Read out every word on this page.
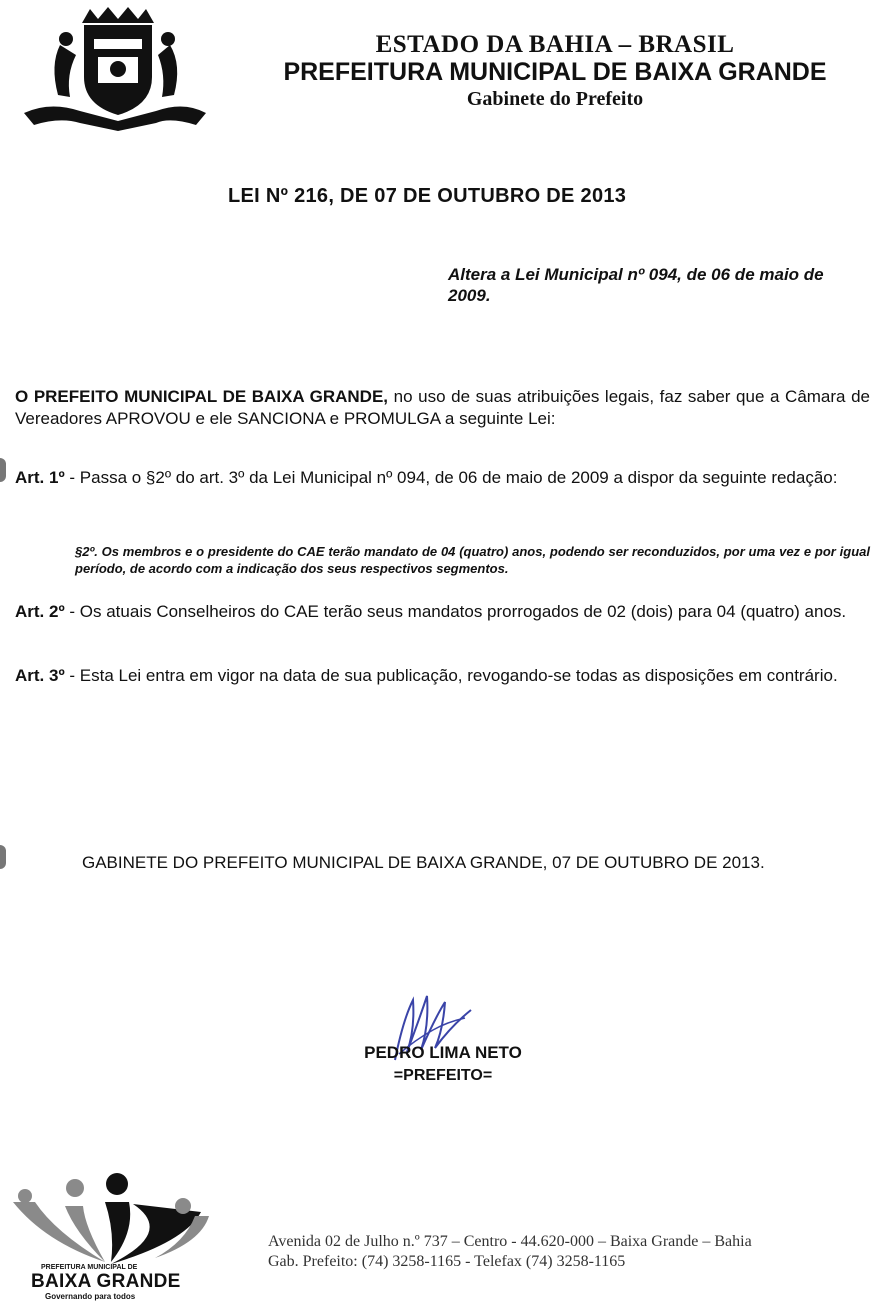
ESTADO DA BAHIA – BRASIL
PREFEITURA MUNICIPAL DE BAIXA GRANDE
Gabinete do Prefeito
LEI Nº 216, DE 07 DE OUTUBRO DE 2013
Altera a Lei Municipal nº 094, de 06 de maio de 2009.
O PREFEITO MUNICIPAL DE BAIXA GRANDE, no uso de suas atribuições legais, faz saber que a Câmara de Vereadores APROVOU e ele SANCIONA e PROMULGA a seguinte Lei:
Art. 1º - Passa o §2º do art. 3º da Lei Municipal nº 094, de 06 de maio de 2009 a dispor da seguinte redação:
§2º. Os membros e o presidente do CAE terão mandato de 04 (quatro) anos, podendo ser reconduzidos, por uma vez e por igual período, de acordo com a indicação dos seus respectivos segmentos.
Art. 2º - Os atuais Conselheiros do CAE terão seus mandatos prorrogados de 02 (dois) para 04 (quatro) anos.
Art. 3º - Esta Lei entra em vigor na data de sua publicação, revogando-se todas as disposições em contrário.
GABINETE DO PREFEITO MUNICIPAL DE BAIXA GRANDE, 07 DE OUTUBRO DE 2013.
PEDRO LIMA NETO
=PREFEITO=
PREFEITURA MUNICIPAL DE
BAIXA GRANDE
Governando para todos
Avenida 02 de Julho n.º 737 – Centro - 44.620-000 – Baixa Grande – Bahia
Gab. Prefeito: (74) 3258-1165 - Telefax (74) 3258-1165
